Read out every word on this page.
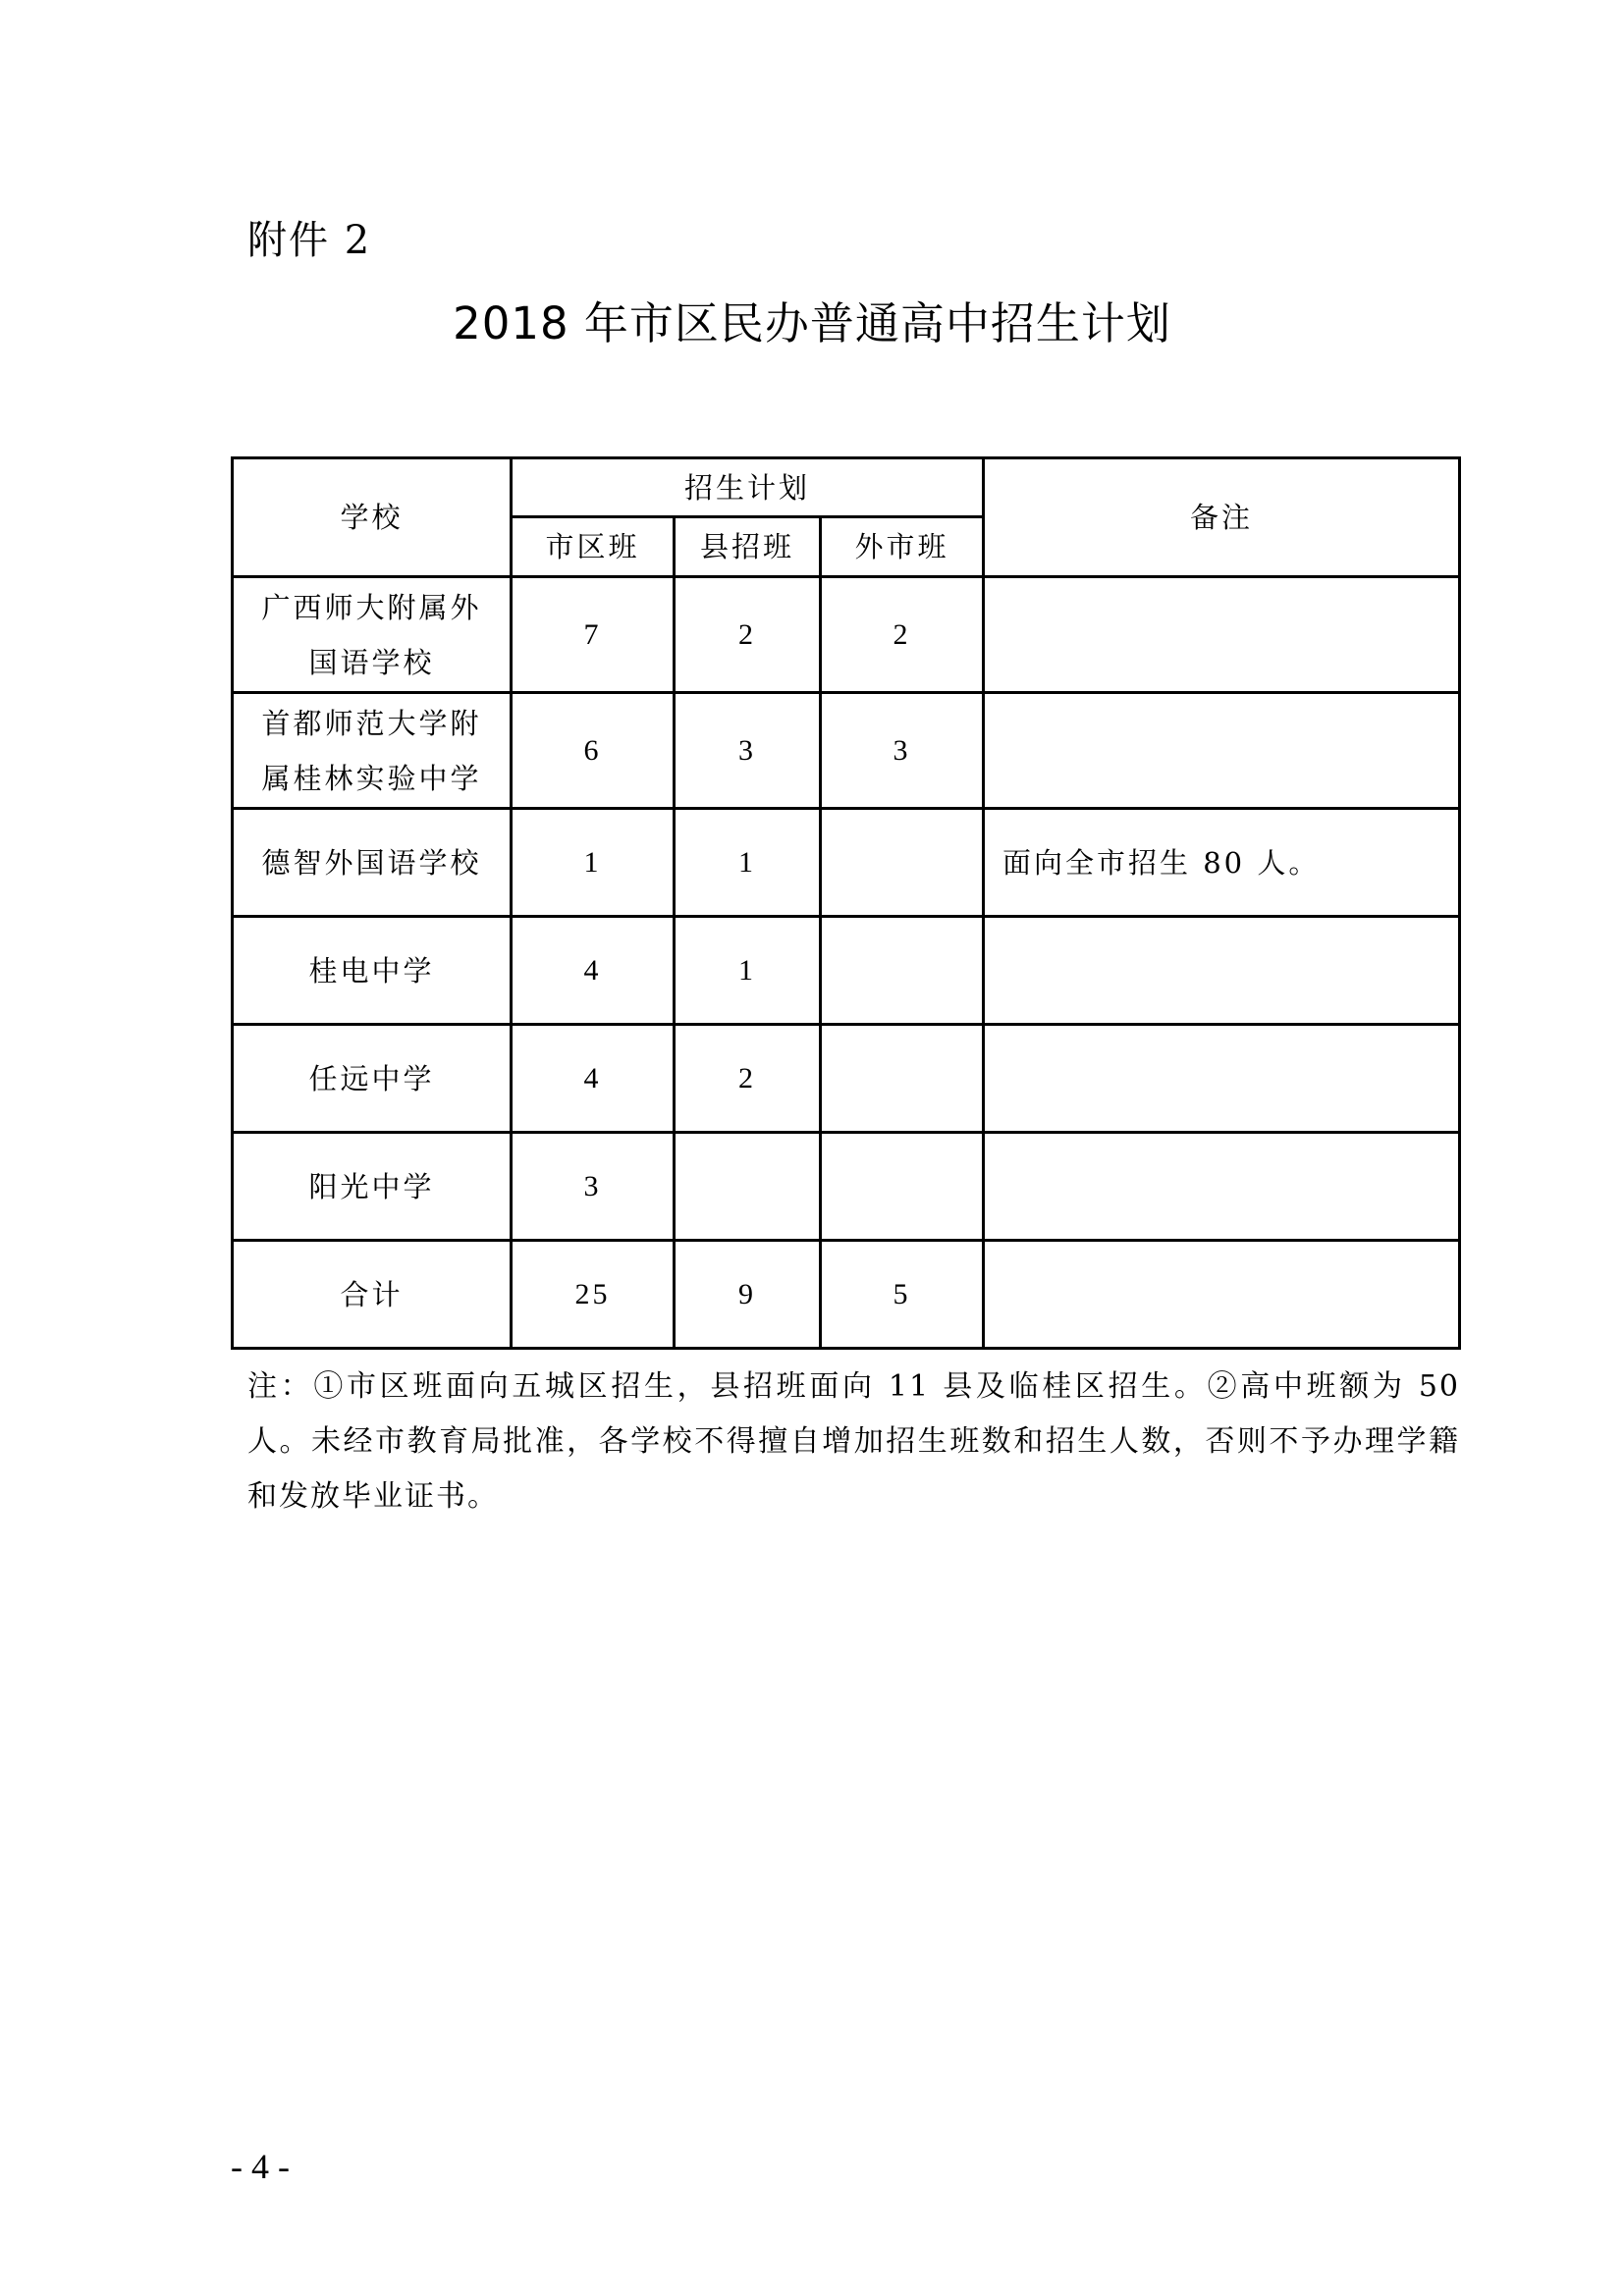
附件 2
2018 年市区民办普通高中招生计划
学校	招生计划			备注
	市区班	县招班	外市班	
广西师大附属外国语学校	7	2	2	
首都师范大学附属桂林实验中学	6	3	3	
德智外国语学校	1	1		面向全市招生 80 人。
桂电中学	4	1		
任远中学	4	2		
阳光中学	3			
合计	25	9	5	
注：①市区班面向五城区招生，县招班面向 11 县及临桂区招生。②高中班额为 50 人。未经市教育局批准，各学校不得擅自增加招生班数和招生人数，否则不予办理学籍和发放毕业证书。
- 4 -
